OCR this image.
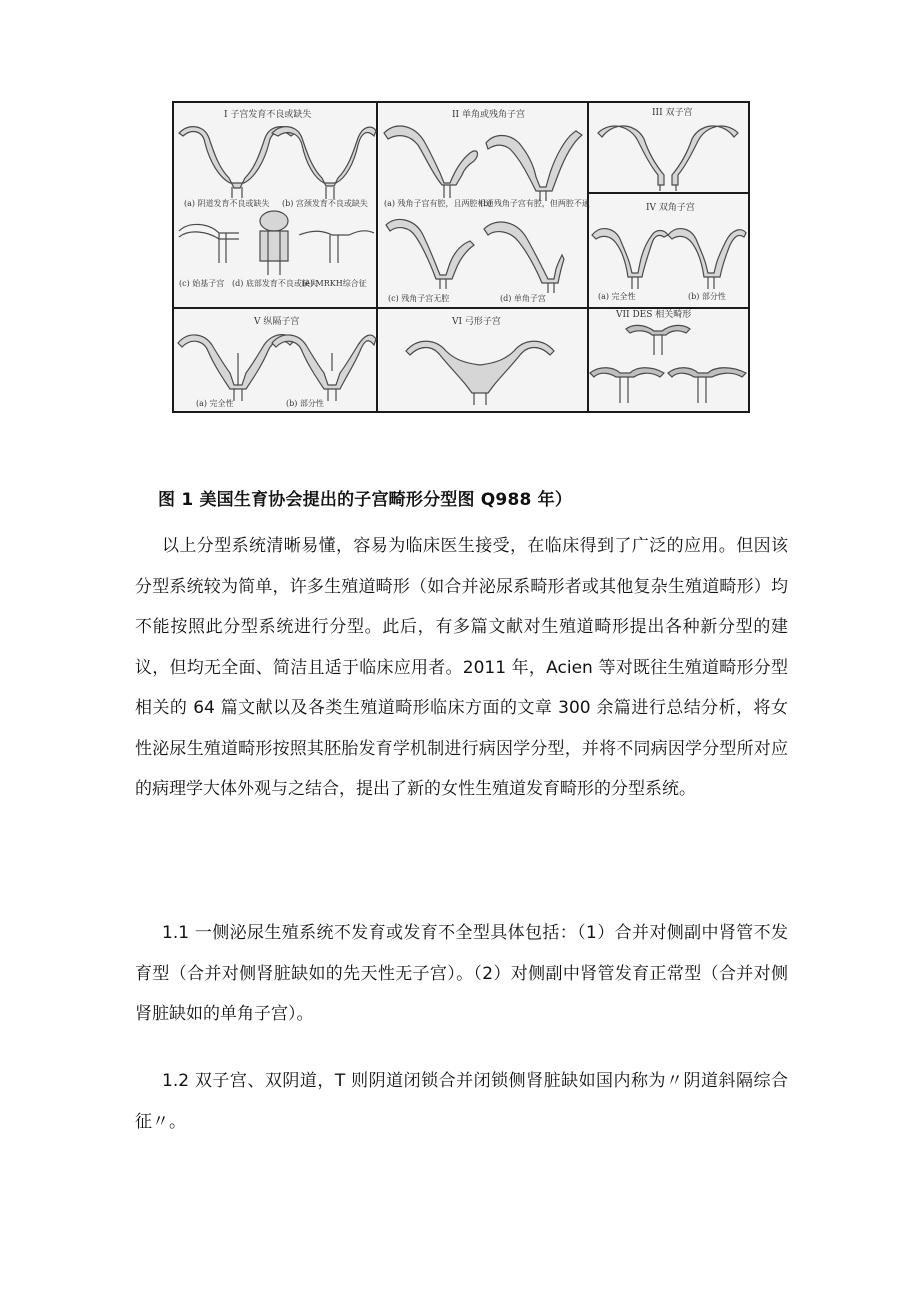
I 子宫发育不良或缺失
(a) 阴道发育不良或缺失 (b) 宫颈发育不良或缺失
(c) 始基子宫 (d) 底部发育不良或缺失
(e) MRKH综合征
II 单角或残角子宫
(a) 残角子宫有腔，且两腔相通
(b) 残角子宫有腔，但两腔不通
(c) 残角子宫无腔	(d) 单角子宫
III 双子宫
IV 双角子宫
(a) 完全性	(b) 部分性
V 纵隔子宫
(a) 完全性	(b) 部分性
VI 弓形子宫
VII DES 相关畸形
图 1 美国生育协会提出的子宫畸形分型图 Q988 年）

以上分型系统清晰易懂，容易为临床医生接受，在临床得到了广泛的应用。但因该分型系统较为简单，许多生殖道畸形（如合并泌尿系畸形者或其他复杂生殖道畸形）均不能按照此分型系统进行分型。此后，有多篇文献对生殖道畸形提出各种新分型的建议，但均无全面、简洁且适于临床应用者。2011 年，Acien 等对既往生殖道畸形分型相关的 64 篇文献以及各类生殖道畸形临床方面的文章 300 余篇进行总结分析，将女性泌尿生殖道畸形按照其胚胎发育学机制进行病因学分型，并将不同病因学分型所对应的病理学大体外观与之结合，提出了新的女性生殖道发育畸形的分型系统。

1.1 一侧泌尿生殖系统不发育或发育不全型具体包括：（1）合并对侧副中肾管不发育型（合并对侧肾脏缺如的先天性无子宫）。（2）对侧副中肾管发育正常型（合并对侧肾脏缺如的单角子宫）。

1.2 双子宫、双阴道，T 则阴道闭锁合并闭锁侧肾脏缺如国内称为〃阴道斜隔综合征〃。
